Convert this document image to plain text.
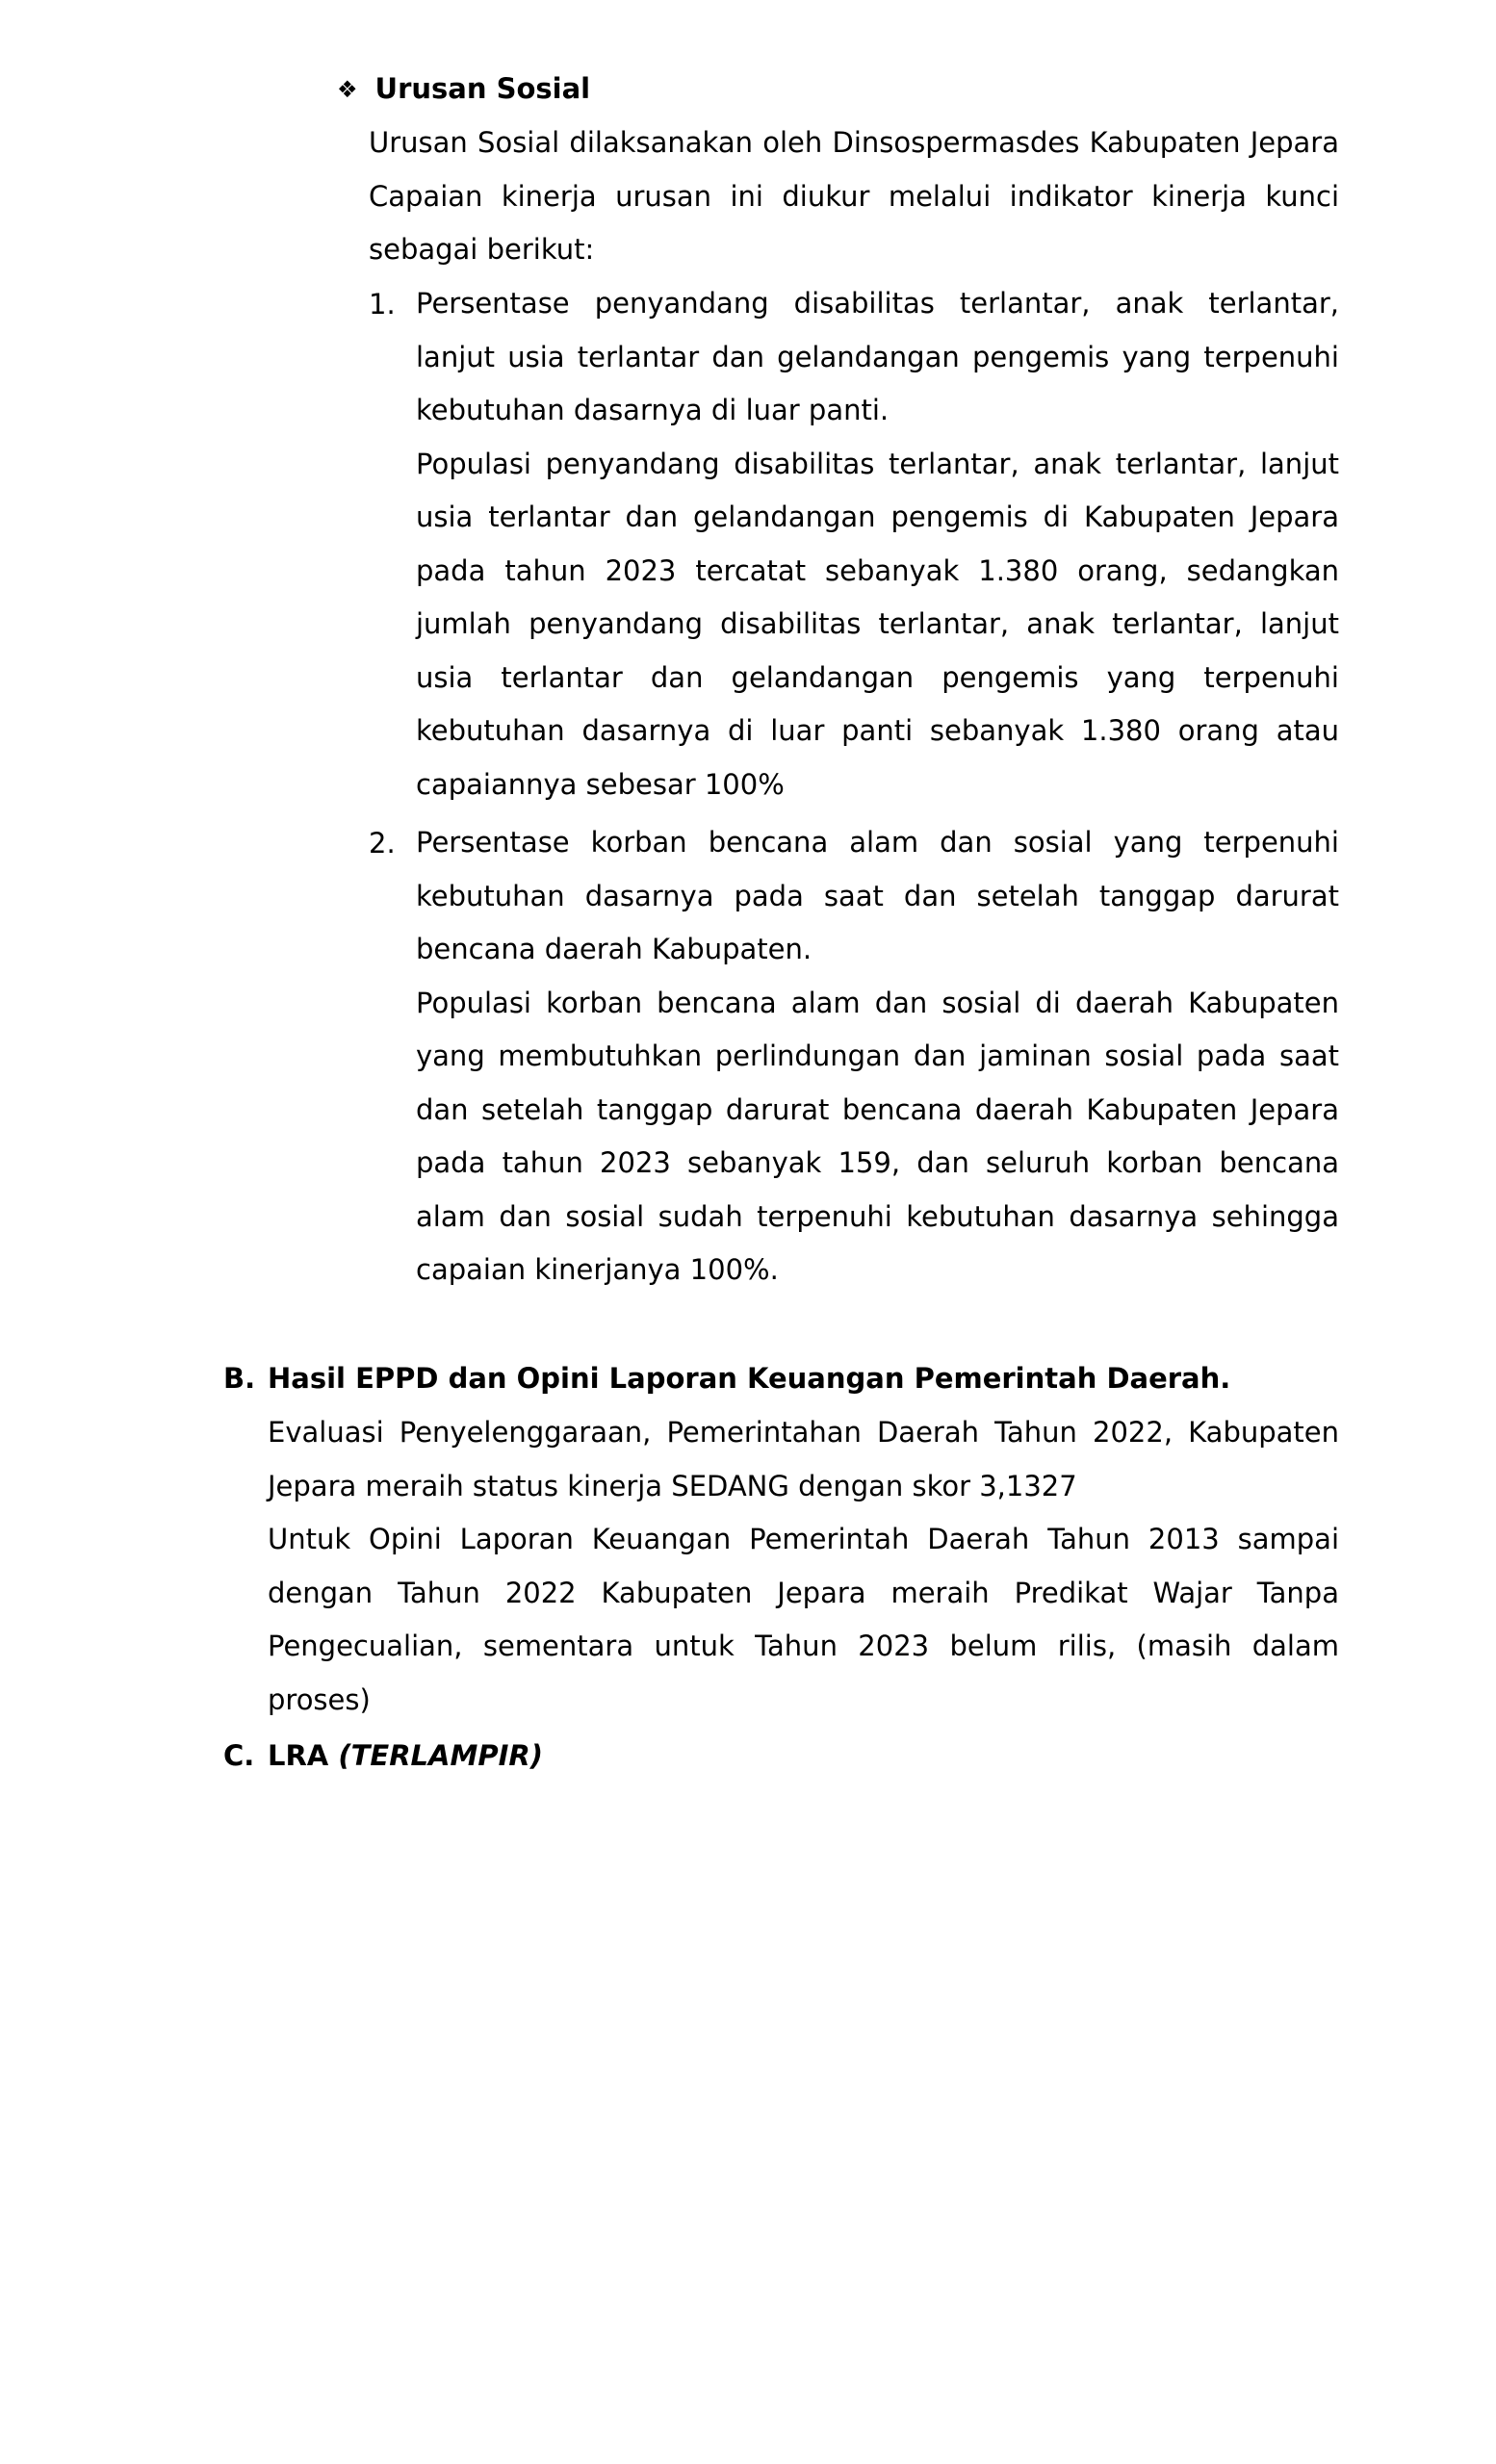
❖ Urusan Sosial

Urusan Sosial dilaksanakan oleh Dinsospermasdes Kabupaten Jepara Capaian kinerja urusan ini diukur melalui indikator kinerja kunci sebagai berikut:

1. Persentase penyandang disabilitas terlantar, anak terlantar, lanjut usia terlantar dan gelandangan pengemis yang terpenuhi kebutuhan dasarnya di luar panti.

Populasi penyandang disabilitas terlantar, anak terlantar, lanjut usia terlantar dan gelandangan pengemis di Kabupaten Jepara pada tahun 2023 tercatat sebanyak 1.380 orang, sedangkan jumlah penyandang disabilitas terlantar, anak terlantar, lanjut usia terlantar dan gelandangan pengemis yang terpenuhi kebutuhan dasarnya di luar panti sebanyak 1.380 orang atau capaiannya sebesar 100%

2. Persentase korban bencana alam dan sosial yang terpenuhi kebutuhan dasarnya pada saat dan setelah tanggap darurat bencana daerah Kabupaten.

Populasi korban bencana alam dan sosial di daerah Kabupaten yang membutuhkan perlindungan dan jaminan sosial pada saat dan setelah tanggap darurat bencana daerah Kabupaten Jepara pada tahun 2023 sebanyak 159, dan seluruh korban bencana alam dan sosial sudah terpenuhi kebutuhan dasarnya sehingga capaian kinerjanya 100%.

B. Hasil EPPD dan Opini Laporan Keuangan Pemerintah Daerah.

Evaluasi Penyelenggaraan, Pemerintahan Daerah Tahun 2022, Kabupaten Jepara meraih status kinerja SEDANG dengan skor 3,1327

Untuk Opini Laporan Keuangan Pemerintah Daerah Tahun 2013 sampai dengan Tahun 2022 Kabupaten Jepara meraih Predikat Wajar Tanpa Pengecualian, sementara untuk Tahun 2023 belum rilis, (masih dalam proses)

C. LRA (TERLAMPIR)
